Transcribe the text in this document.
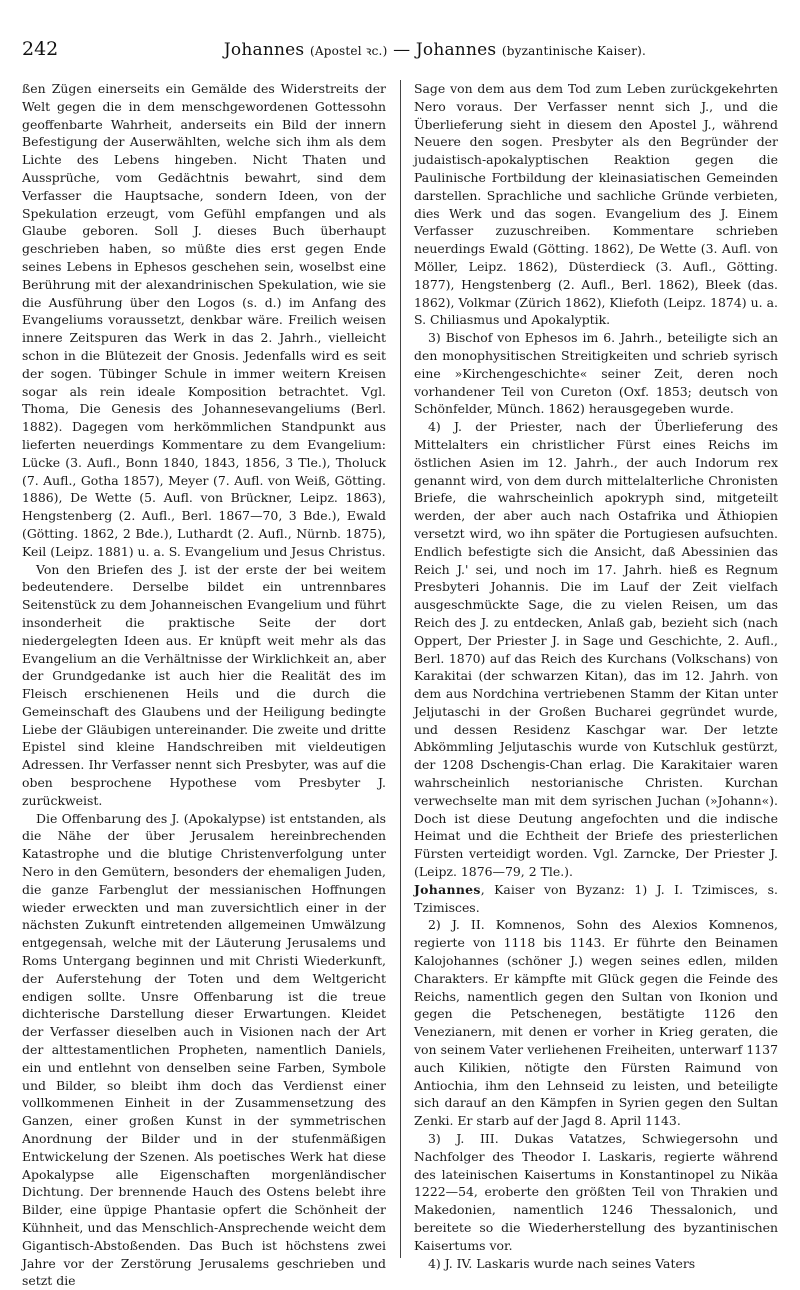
242	Johannes (Apostel ꝛc.) — Johannes (byzantinische Kaiser).

ßen Zügen einerseits ein Gemälde des Widerstreits der Welt gegen die in dem menschgewordenen Gottessohn geoffenbarte Wahrheit, anderseits ein Bild der innern Befestigung der Auserwählten, welche sich ihm als dem Lichte des Lebens hingeben. Nicht Thaten und Aussprüche, vom Gedächtnis bewahrt, sind dem Verfasser die Hauptsache, sondern Ideen, von der Spekulation erzeugt, vom Gefühl empfangen und als Glaube geboren. Soll J. dieses Buch überhaupt geschrieben haben, so müßte dies erst gegen Ende seines Lebens in Ephesos geschehen sein, woselbst eine Berührung mit der alexandrinischen Spekulation, wie sie die Ausführung über den Logos (s. d.) im Anfang des Evangeliums voraussetzt, denkbar wäre. Freilich weisen innere Zeitspuren das Werk in das 2. Jahrh., vielleicht schon in die Blütezeit der Gnosis. Jedenfalls wird es seit der sogen. Tübinger Schule in immer weitern Kreisen sogar als rein ideale Komposition betrachtet. Vgl. Thoma, Die Genesis des Johannesevangeliums (Berl. 1882). Dagegen vom herkömmlichen Standpunkt aus lieferten neuerdings Kommentare zu dem Evangelium: Lücke (3. Aufl., Bonn 1840, 1843, 1856, 3 Tle.), Tholuck (7. Aufl., Gotha 1857), Meyer (7. Aufl. von Weiß, Götting. 1886), De Wette (5. Aufl. von Brückner, Leipz. 1863), Hengstenberg (2. Aufl., Berl. 1867—70, 3 Bde.), Ewald (Götting. 1862, 2 Bde.), Luthardt (2. Aufl., Nürnb. 1875), Keil (Leipz. 1881) u. a. S. Evangelium und Jesus Christus.

Von den Briefen des J. ist der erste der bei weitem bedeutendere. Derselbe bildet ein untrennbares Seitenstück zu dem Johanneischen Evangelium und führt insonderheit die praktische Seite der dort niedergelegten Ideen aus. Er knüpft weit mehr als das Evangelium an die Verhältnisse der Wirklichkeit an, aber der Grundgedanke ist auch hier die Realität des im Fleisch erschienenen Heils und die durch die Gemeinschaft des Glaubens und der Heiligung bedingte Liebe der Gläubigen untereinander. Die zweite und dritte Epistel sind kleine Handschreiben mit vieldeutigen Adressen. Ihr Verfasser nennt sich Presbyter, was auf die oben besprochene Hypothese vom Presbyter J. zurückweist.

Die Offenbarung des J. (Apokalypse) ist entstanden, als die Nähe der über Jerusalem hereinbrechenden Katastrophe und die blutige Christenverfolgung unter Nero in den Gemütern, besonders der ehemaligen Juden, die ganze Farbenglut der messianischen Hoffnungen wieder erweckten und man zuversichtlich einer in der nächsten Zukunft eintretenden allgemeinen Umwälzung entgegensah, welche mit der Läuterung Jerusalems und Roms Untergang beginnen und mit Christi Wiederkunft, der Auferstehung der Toten und dem Weltgericht endigen sollte. Unsre Offenbarung ist die treue dichterische Darstellung dieser Erwartungen. Kleidet der Verfasser dieselben auch in Visionen nach der Art der alttestamentlichen Propheten, namentlich Daniels, ein und entlehnt von denselben seine Farben, Symbole und Bilder, so bleibt ihm doch das Verdienst einer vollkommenen Einheit in der Zusammensetzung des Ganzen, einer großen Kunst in der symmetrischen Anordnung der Bilder und in der stufenmäßigen Entwickelung der Szenen. Als poetisches Werk hat diese Apokalypse alle Eigenschaften morgenländischer Dichtung. Der brennende Hauch des Ostens belebt ihre Bilder, eine üppige Phantasie opfert die Schönheit der Kühnheit, und das Menschlich-Ansprechende weicht dem Gigantisch-Abstoßenden. Das Buch ist höchstens zwei Jahre vor der Zerstörung Jerusalems geschrieben und setzt die

Sage von dem aus dem Tod zum Leben zurückgekehrten Nero voraus. Der Verfasser nennt sich J., und die Überlieferung sieht in diesem den Apostel J., während Neuere den sogen. Presbyter als den Begründer der judaistisch-apokalyptischen Reaktion gegen die Paulinische Fortbildung der kleinasiatischen Gemeinden darstellen. Sprachliche und sachliche Gründe verbieten, dies Werk und das sogen. Evangelium des J. Einem Verfasser zuzuschreiben. Kommentare schrieben neuerdings Ewald (Götting. 1862), De Wette (3. Aufl. von Möller, Leipz. 1862), Düsterdieck (3. Aufl., Götting. 1877), Hengstenberg (2. Aufl., Berl. 1862), Bleek (das. 1862), Volkmar (Zürich 1862), Kliefoth (Leipz. 1874) u. a. S. Chiliasmus und Apokalyptik.

3) Bischof von Ephesos im 6. Jahrh., beteiligte sich an den monophysitischen Streitigkeiten und schrieb syrisch eine »Kirchengeschichte« seiner Zeit, deren noch vorhandener Teil von Cureton (Oxf. 1853; deutsch von Schönfelder, Münch. 1862) herausgegeben wurde.

4) J. der Priester, nach der Überlieferung des Mittelalters ein christlicher Fürst eines Reichs im östlichen Asien im 12. Jahrh., der auch Indorum rex genannt wird, von dem durch mittelalterliche Chronisten Briefe, die wahrscheinlich apokryph sind, mitgeteilt werden, der aber auch nach Ostafrika und Äthiopien versetzt wird, wo ihn später die Portugiesen aufsuchten. Endlich befestigte sich die Ansicht, daß Abessinien das Reich J.' sei, und noch im 17. Jahrh. hieß es Regnum Presbyteri Johannis. Die im Lauf der Zeit vielfach ausgeschmückte Sage, die zu vielen Reisen, um das Reich des J. zu entdecken, Anlaß gab, bezieht sich (nach Oppert, Der Priester J. in Sage und Geschichte, 2. Aufl., Berl. 1870) auf das Reich des Kurchans (Volkschans) von Karakitai (der schwarzen Kitan), das im 12. Jahrh. von dem aus Nordchina vertriebenen Stamm der Kitan unter Jeljutaschi in der Großen Bucharei gegründet wurde, und dessen Residenz Kaschgar war. Der letzte Abkömmling Jeljutaschis wurde von Kutschluk gestürzt, der 1208 Dschengis-Chan erlag. Die Karakitaier waren wahrscheinlich nestorianische Christen. Kurchan verwechselte man mit dem syrischen Juchan (»Johann«). Doch ist diese Deutung angefochten und die indische Heimat und die Echtheit der Briefe des priesterlichen Fürsten verteidigt worden. Vgl. Zarncke, Der Priester J. (Leipz. 1876—79, 2 Tle.).

Johannes, Kaiser von Byzanz: 1) J. I. Tzimisces, s. Tzimisces.

2) J. II. Komnenos, Sohn des Alexios Komnenos, regierte von 1118 bis 1143. Er führte den Beinamen Kalojohannes (schöner J.) wegen seines edlen, milden Charakters. Er kämpfte mit Glück gegen die Feinde des Reichs, namentlich gegen den Sultan von Ikonion und gegen die Petschenegen, bestätigte 1126 den Venezianern, mit denen er vorher in Krieg geraten, die von seinem Vater verliehenen Freiheiten, unterwarf 1137 auch Kilikien, nötigte den Fürsten Raimund von Antiochia, ihm den Lehnseid zu leisten, und beteiligte sich darauf an den Kämpfen in Syrien gegen den Sultan Zenki. Er starb auf der Jagd 8. April 1143.

3) J. III. Dukas Vatatzes, Schwiegersohn und Nachfolger des Theodor I. Laskaris, regierte während des lateinischen Kaisertums in Konstantinopel zu Nikäa 1222—54, eroberte den größten Teil von Thrakien und Makedonien, namentlich 1246 Thessalonich, und bereitete so die Wiederherstellung des byzantinischen Kaisertums vor.

4) J. IV. Laskaris wurde nach seines Vaters
